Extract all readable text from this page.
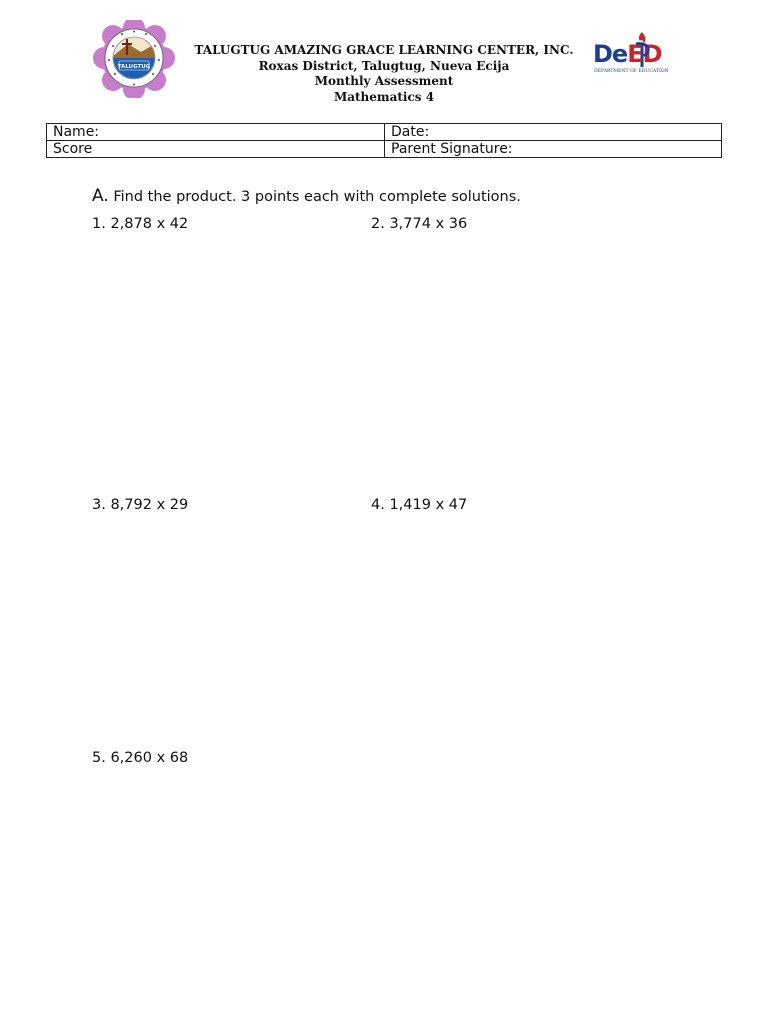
TALUGTUG	DeED
DEPARTMENT OF EDUCATION
TALUGTUG AMAZING GRACE LEARNING CENTER, INC.
Roxas District, Talugtug, Nueva Ecija
Monthly Assessment
Mathematics 4
Name:	Date:
Score	Parent Signature:
A. Find the product. 3 points each with complete solutions.
1. 2,878 x 42	2. 3,774 x 36
3. 8,792 x 29	4. 1,419 x 47
5. 6,260 x 68
